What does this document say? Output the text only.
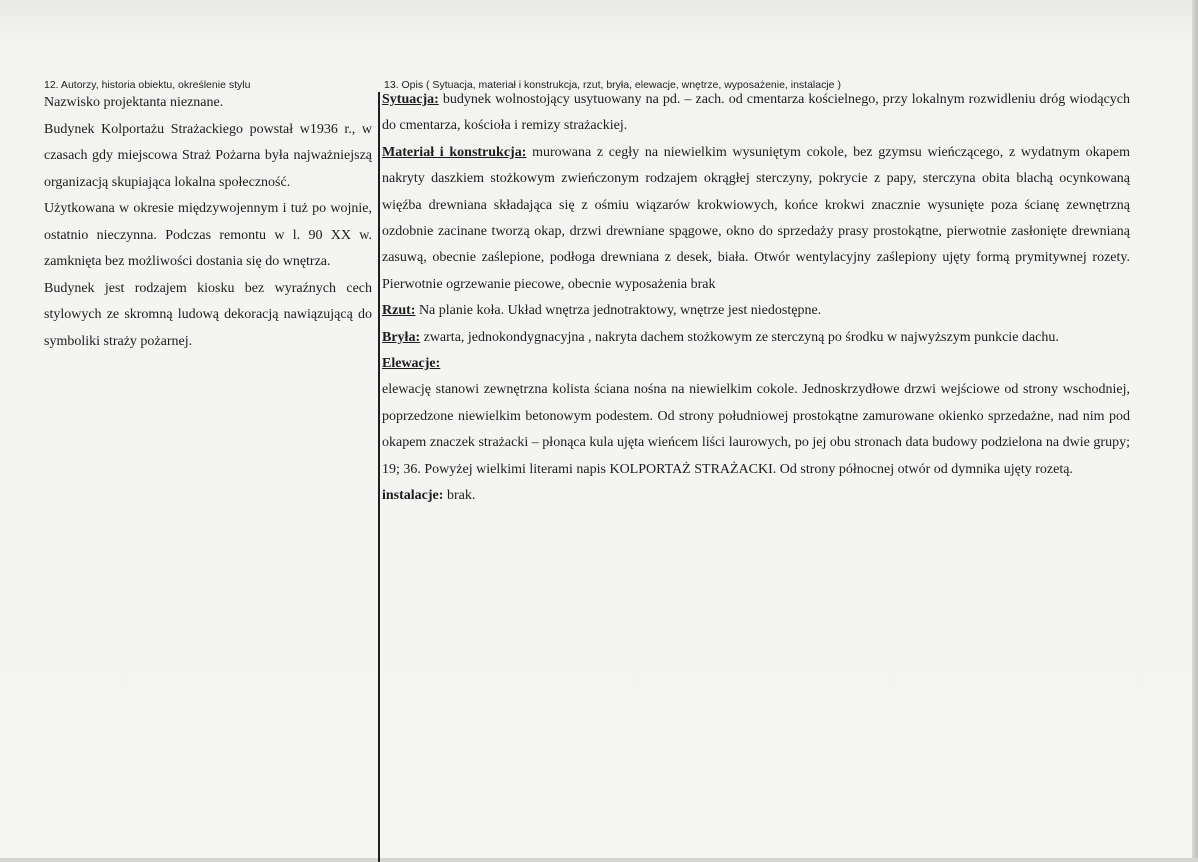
12. Autorzy, historia obiektu, określenie stylu	13. Opis ( Sytuacja, materiał i konstrukcja, rzut, bryła, elewacje, wnętrze, wyposażenie, instalacje )

Nazwisko projektanta nieznane.

Budynek Kolportażu Strażackiego powstał w1936 r., w czasach gdy miejscowa Straż Pożarna była najważniejszą organizacją skupiająca lokalna społeczność.

Użytkowana w okresie międzywojennym i tuż po wojnie, ostatnio nieczynna. Podczas remontu w l. 90 XX w. zamknięta bez możliwości dostania się do wnętrza.

Budynek jest rodzajem kiosku bez wyraźnych cech stylowych ze skromną ludową dekoracją nawiązującą do symboliki straży pożarnej.

Sytuacja: budynek wolnostojący usytuowany na pd. – zach. od cmentarza kościelnego, przy lokalnym rozwidleniu dróg wiodących do cmentarza, kościoła i remizy strażackiej.

Materiał i konstrukcja: murowana z cegły na niewielkim wysuniętym cokole, bez gzymsu wieńczącego, z wydatnym okapem nakryty daszkiem stożkowym zwieńczonym rodzajem okrągłej sterczyny, pokrycie z papy, sterczyna obita blachą ocynkowaną więźba drewniana składająca się z ośmiu wiązarów krokwiowych, końce krokwi znacznie wysunięte poza ścianę zewnętrzną ozdobnie zacinane tworzą okap, drzwi drewniane spągowe, okno do sprzedaży prasy prostokątne, pierwotnie zasłonięte drewnianą zasuwą, obecnie zaślepione, podłoga drewniana z desek, biała. Otwór wentylacyjny zaślepiony ujęty formą prymitywnej rozety. Pierwotnie ogrzewanie piecowe, obecnie wyposażenia brak

Rzut: Na planie koła. Układ wnętrza jednotraktowy, wnętrze jest niedostępne.

Bryła: zwarta, jednokondygnacyjna , nakryta dachem stożkowym ze sterczyną po środku w najwyższym punkcie dachu.

Elewacje:

elewację stanowi zewnętrzna kolista ściana nośna na niewielkim cokole. Jednoskrzydłowe drzwi wejściowe od strony wschodniej, poprzedzone niewielkim betonowym podestem. Od strony południowej prostokątne zamurowane okienko sprzedażne, nad nim pod okapem znaczek strażacki – płonąca kula ujęta wieńcem liści laurowych, po jej obu stronach data budowy podzielona na dwie grupy; 19; 36. Powyżej wielkimi literami napis KOLPORTAŻ STRAŻACKI. Od strony północnej otwór od dymnika ujęty rozetą.

instalacje: brak.
